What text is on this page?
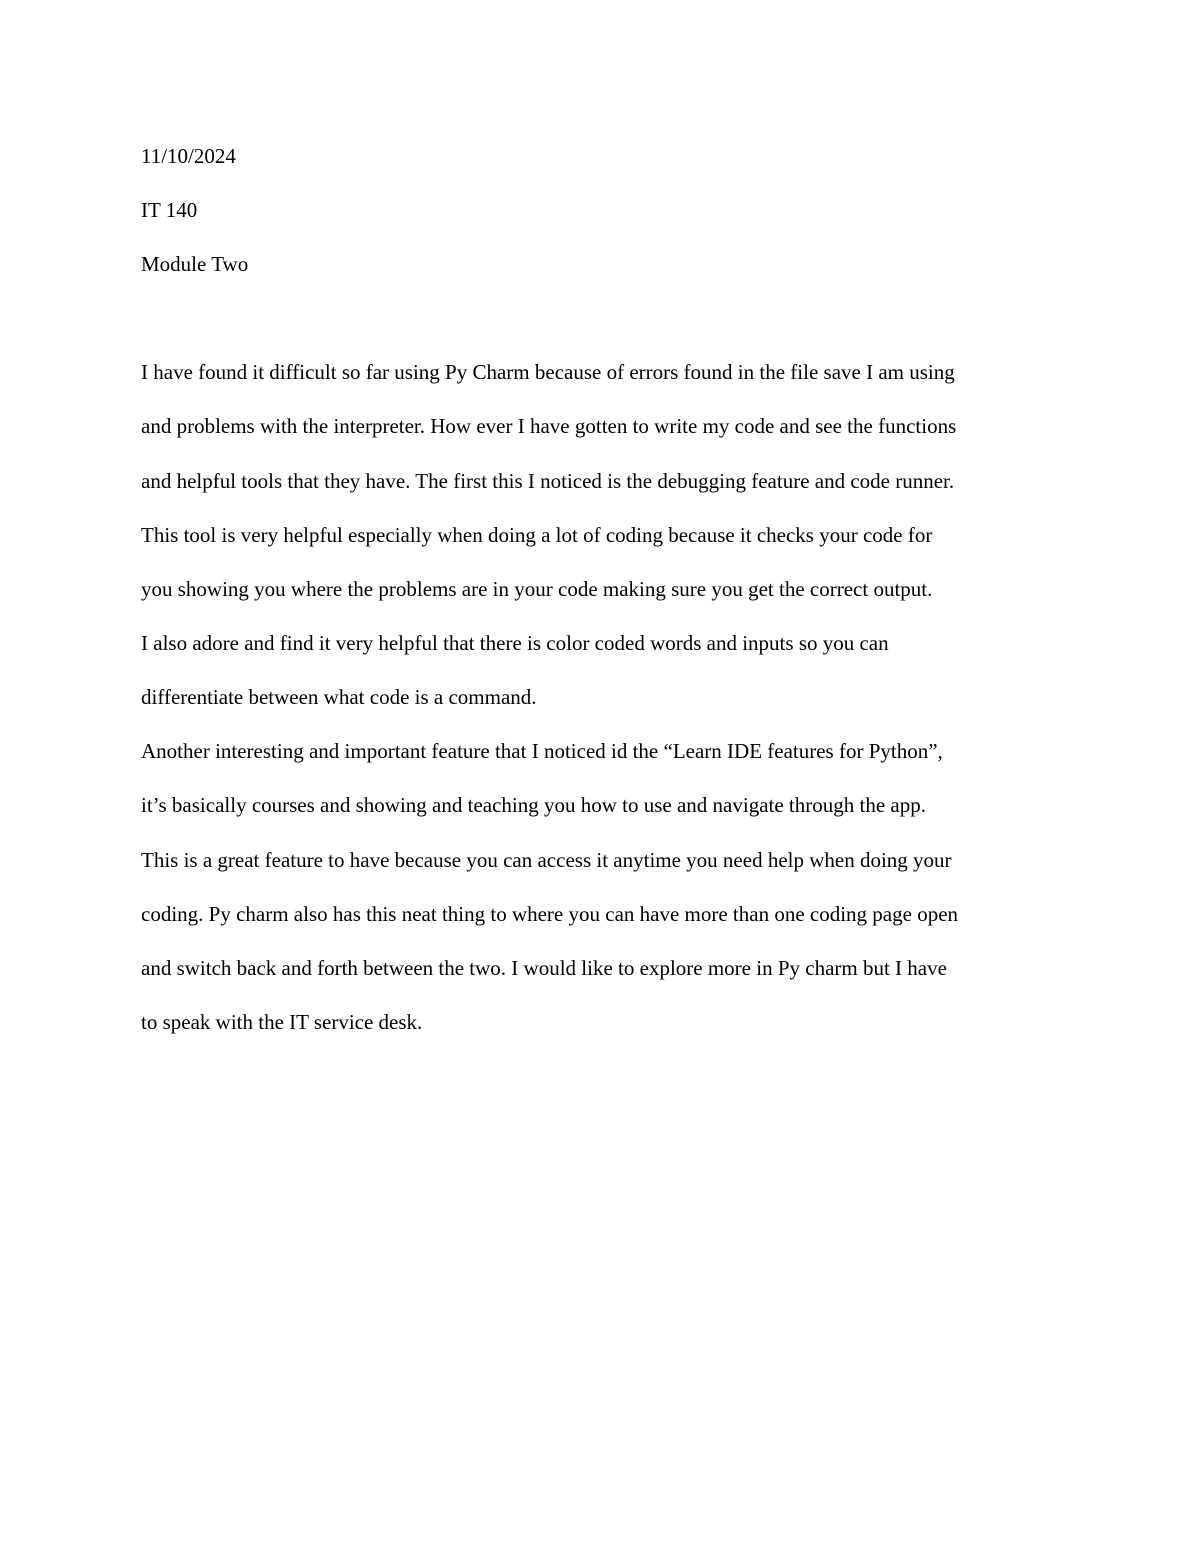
11/10/2024
IT 140
Module Two
I have found it difficult so far using Py Charm because of errors found in the file save I am using
and problems with the interpreter. How ever I have gotten to write my code and see the functions
and helpful tools that they have. The first this I noticed is the debugging feature and code runner.
This tool is very helpful especially when doing a lot of coding because it checks your code for
you showing you where the problems are in your code making sure you get the correct output.
I also adore and find it very helpful that there is color coded words and inputs so you can
differentiate between what code is a command.
Another interesting and important feature that I noticed id the “Learn IDE features for Python”,
it’s basically courses and showing and teaching you how to use and navigate through the app.
This is a great feature to have because you can access it anytime you need help when doing your
coding. Py charm also has this neat thing to where you can have more than one coding page open
and switch back and forth between the two. I would like to explore more in Py charm but I have
to speak with the IT service desk.
